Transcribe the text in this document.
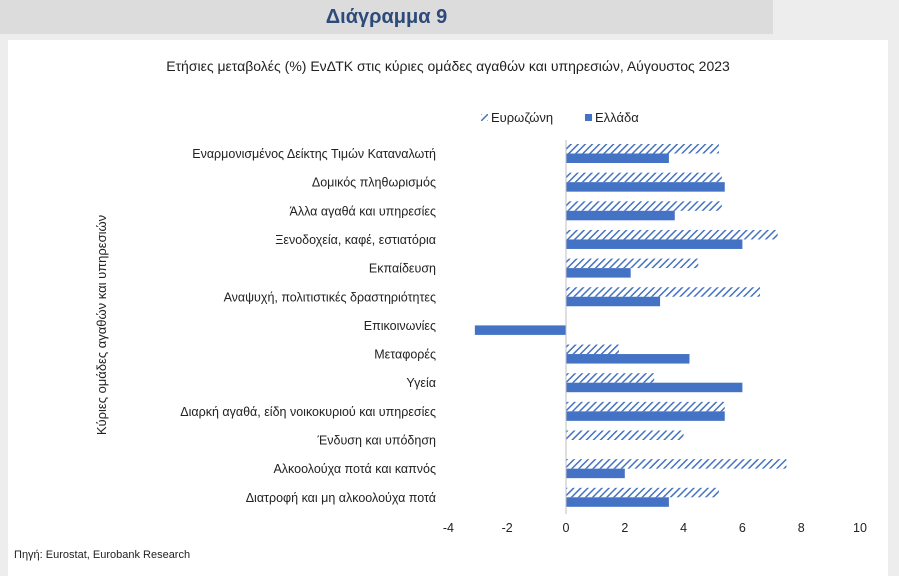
Διάγραμμα 9
Ετήσιες μεταβολές (%) ΕνΔΤΚ στις κύριες ομάδες αγαθών και υπηρεσιών, Αύγουστος 2023
Ευρωζώνη	Ελλάδα
Εναρμονισμένος Δείκτης Τιμών Καταναλωτή
Δομικός πληθωρισμός
Άλλα αγαθά και υπηρεσίες
Ξενοδοχεία, καφέ, εστιατόρια
Εκπαίδευση
Αναψυχή, πολιτιστικές δραστηριότητες
Επικοινωνίες
Μεταφορές
Υγεία
Διαρκή αγαθά, είδη νοικοκυριού και υπηρεσίες
Ένδυση και υπόδηση
Αλκοολούχα ποτά και καπνός
Διατροφή και μη αλκοολούχα ποτά
-4	-2	0	2	4	6	8	10
Κύριες ομάδες αγαθών και υπηρεσιών
Πηγή: Eurostat, Eurobank Research
